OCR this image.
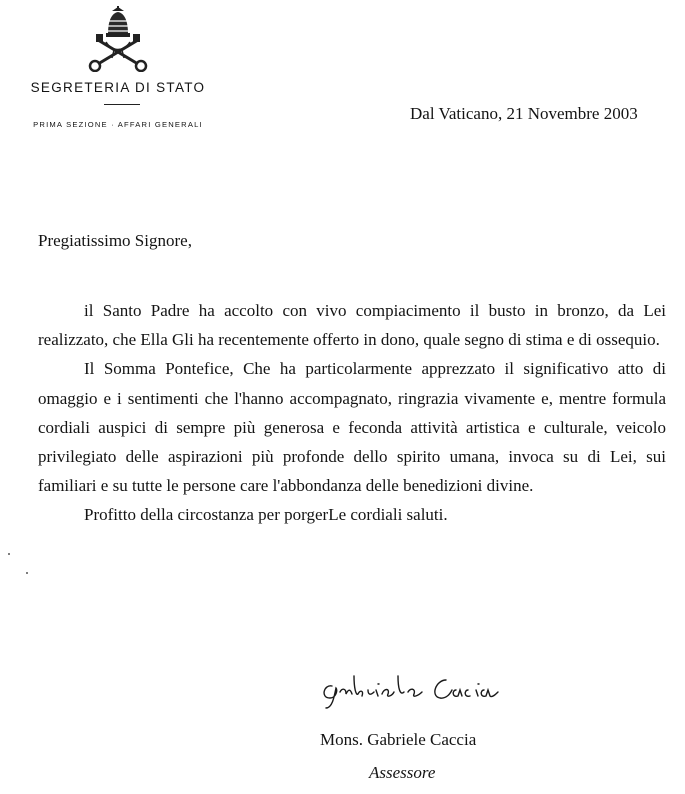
SEGRETERIA DI STATO
PRIMA SEZIONE · AFFARI GENERALI
Dal Vaticano, 21 Novembre 2003
Pregiatissimo Signore,

il Santo Padre ha accolto con vivo compiacimento il busto in bronzo, da Lei realizzato, che Ella Gli ha recentemente offerto in dono, quale segno di stima e di ossequio.

Il Somma Pontefice, Che ha particolarmente apprezzato il significativo atto di omaggio e i sentimenti che l'hanno accompagnato, ringrazia vivamente e, mentre formula cordiali auspici di sempre più generosa e feconda attività artistica e culturale, veicolo privilegiato delle aspirazioni più profonde dello spirito umana, invoca su di Lei, sui familiari e su tutte le persone care l'abbondanza delle benedizioni divine.

Profitto della circostanza per porgerLe cordiali saluti.

Mons. Gabriele Caccia
Assessore
